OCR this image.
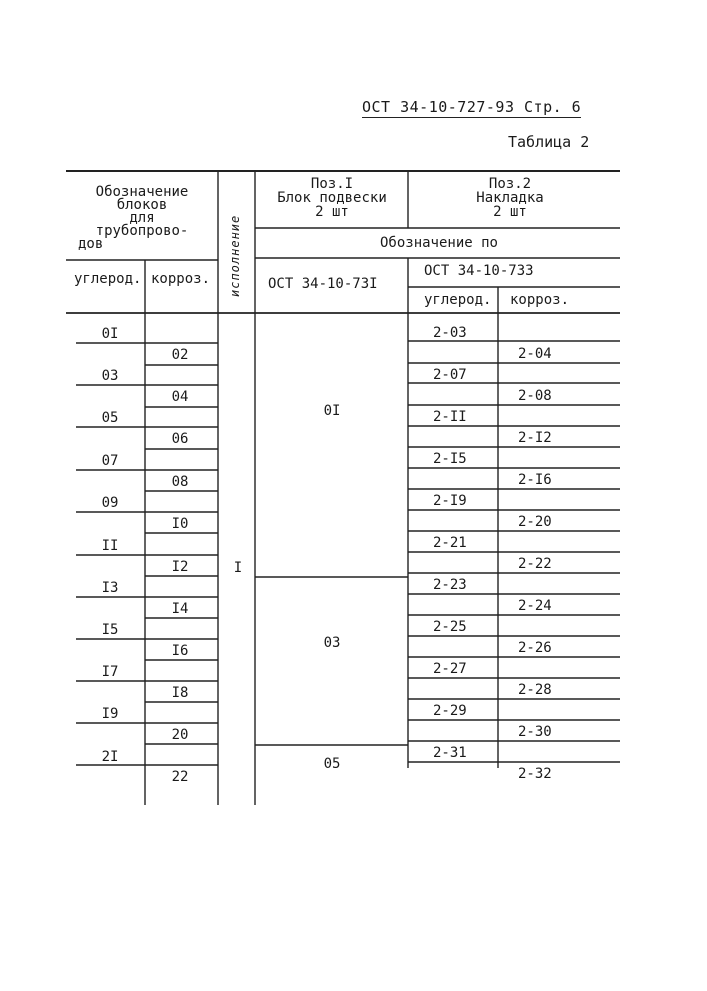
ОСТ 34-10-727-93 Стр. 6
Таблица 2
Обозначение
блоков
для
трубопрово-
дов
углерод. коррoз. исполнение
Поз.I
Блок подвески
2 шт
Поз.2
Накладка
2 шт
Обозначение по
ОСТ 34-10-73I
ОСТ 34-10-733
углерод. корроз.
0I
03
05
07
09
II
I3
I5
I7
I9
2I
02
04
06
08
I0
I2
I4
I6
I8
20
22
I
0I
03
05
2-03
2-07
2-II
2-I5
2-I9
2-21
2-23
2-25
2-27
2-29
2-31
2-04
2-08
2-I2
2-I6
2-20
2-22
2-24
2-26
2-28
2-30
2-32
